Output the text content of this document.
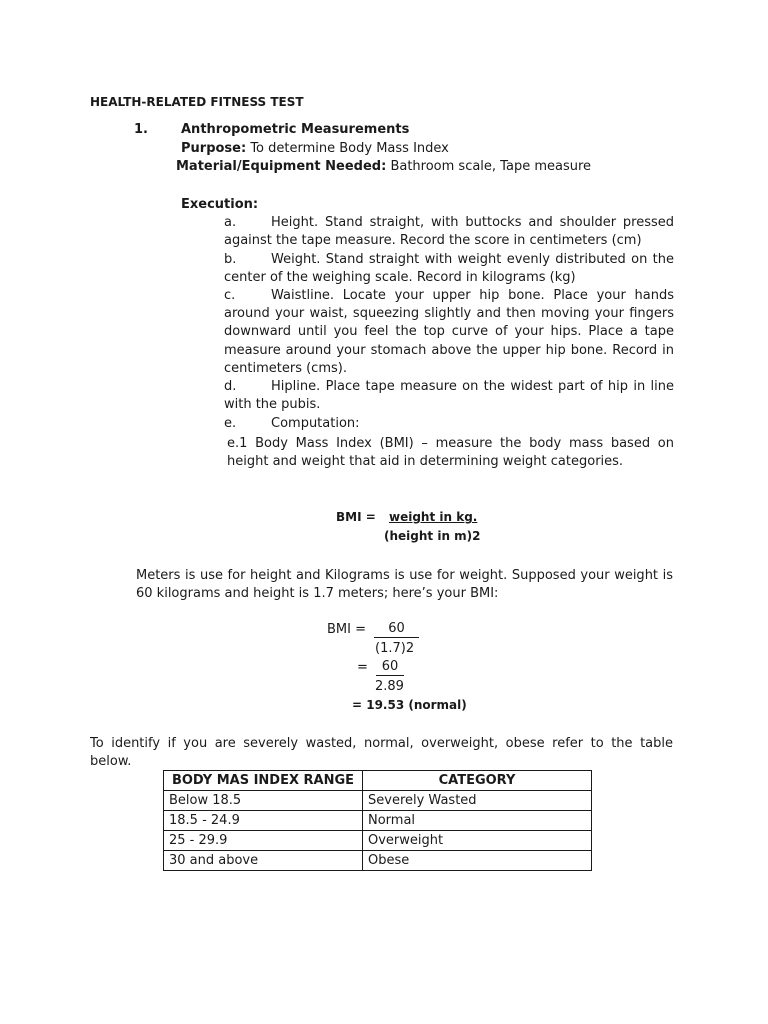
HEALTH-RELATED FITNESS TEST
1.	Anthropometric Measurements
Purpose: To determine Body Mass Index
Material/Equipment Needed: Bathroom scale, Tape measure
Execution:
a.	Height. Stand straight, with buttocks and shoulder pressed against the tape measure. Record the score in centimeters (cm)
b.	Weight. Stand straight with weight evenly distributed on the center of the weighing scale. Record in kilograms (kg)
c.	Waistline. Locate your upper hip bone. Place your hands around your waist, squeezing slightly and then moving your fingers downward until you feel the top curve of your hips. Place a tape measure around your stomach above the upper hip bone. Record in centimeters (cms).
d.	Hipline. Place tape measure on the widest part of hip in line with the pubis.
e.	Computation:
e.1 Body Mass Index (BMI) – measure the body mass based on height and weight that aid in determining weight categories.
BMI = weight in kg.
(height in m)2
Meters is use for height and Kilograms is use for weight. Supposed your weight is 60 kilograms and height is 1.7 meters; here’s your BMI:
BMI =	60
(1.7)2
=	60
2.89
= 19.53 (normal)
To identify if you are severely wasted, normal, overweight, obese refer to the table below.
BODY MAS INDEX RANGE	CATEGORY
Below 18.5	Severely Wasted
18.5 - 24.9	Normal
25 - 29.9	Overweight
30 and above	Obese
